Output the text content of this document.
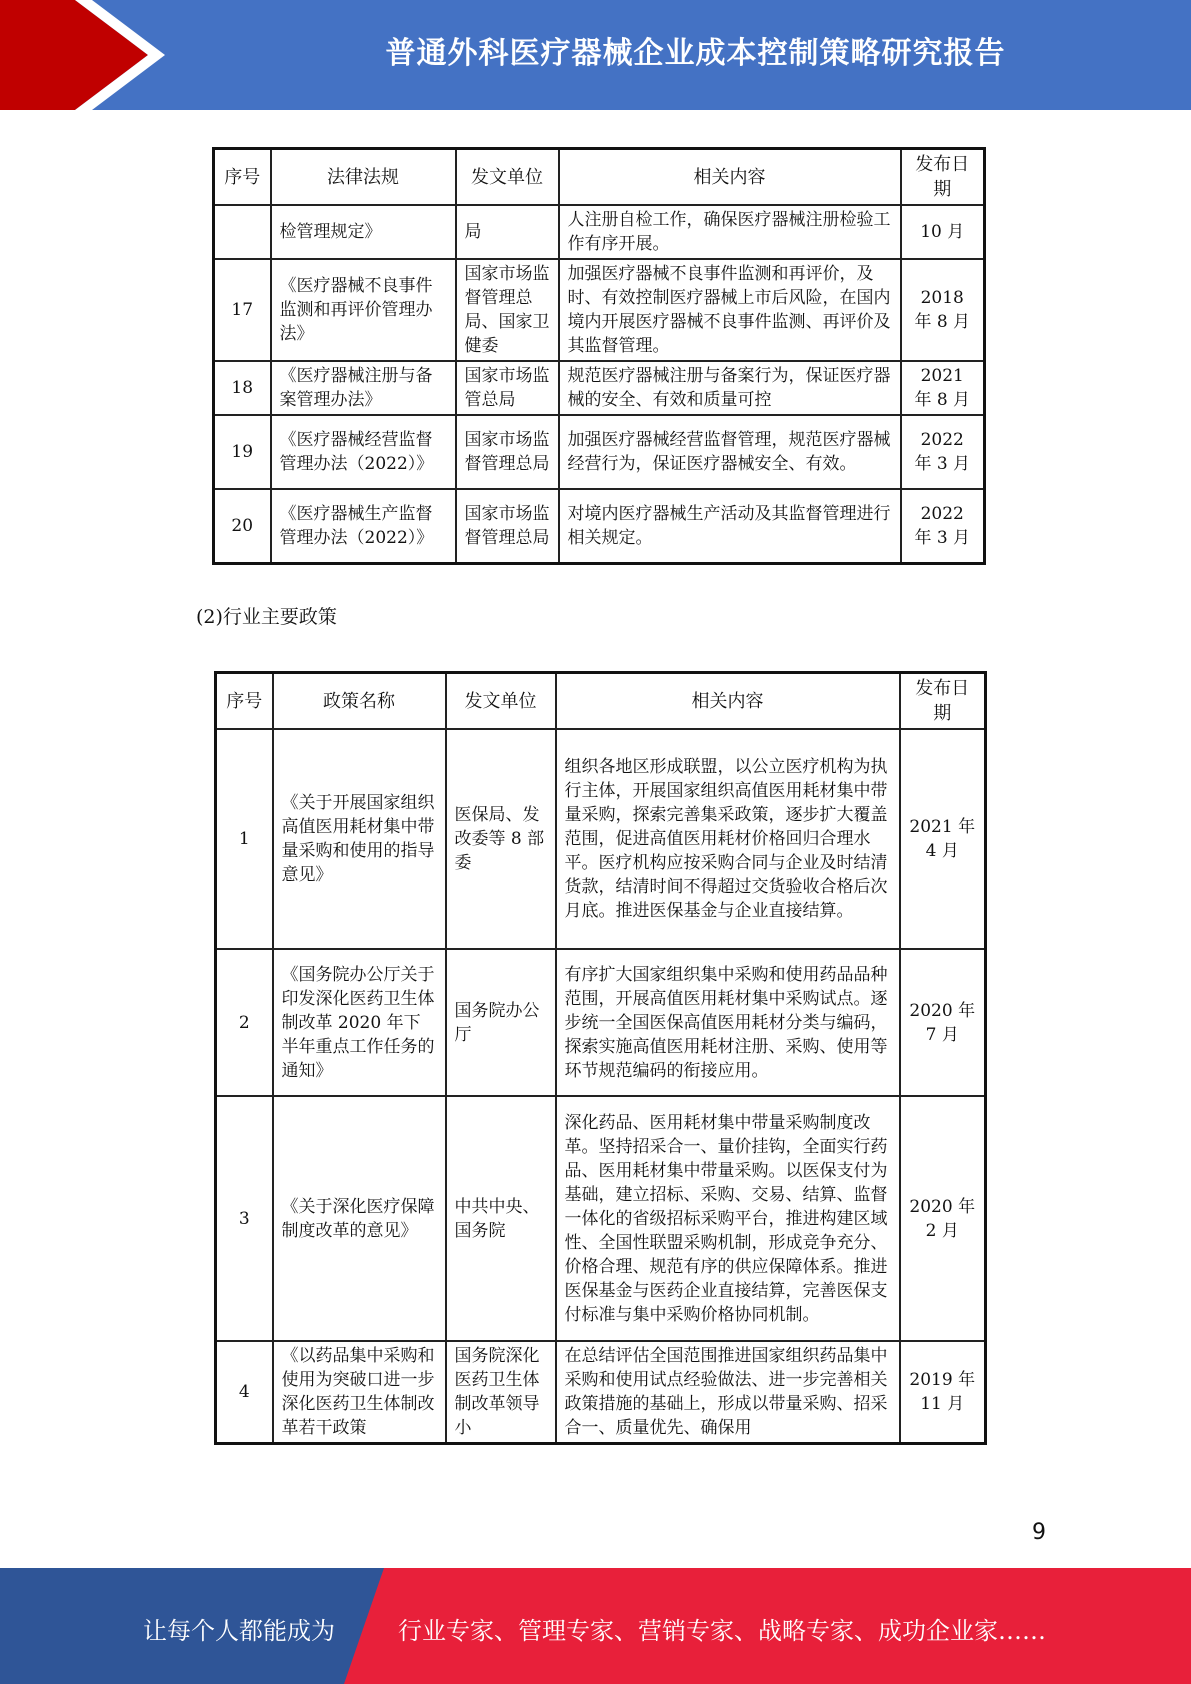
普通外科医疗器械企业成本控制策略研究报告
序号	法律法规	发文单位	相关内容	发布日期
	检管理规定》	局	人注册自检工作，确保医疗器械注册检验工作有序开展。	10 月
17	《医疗器械不良事件监测和再评价管理办法》	国家市场监督管理总局、国家卫健委	加强医疗器械不良事件监测和再评价，及时、有效控制医疗器械上市后风险，在国内境内开展医疗器械不良事件监测、再评价及其监督管理。	2018 年 8 月
18	《医疗器械注册与备案管理办法》	国家市场监管总局	规范医疗器械注册与备案行为，保证医疗器械的安全、有效和质量可控	2021 年 8 月
19	《医疗器械经营监督管理办法（2022）》	国家市场监督管理总局	加强医疗器械经营监督管理，规范医疗器械经营行为，保证医疗器械安全、有效。	2022 年 3 月
20	《医疗器械生产监督管理办法（2022）》	国家市场监督管理总局	对境内医疗器械生产活动及其监督管理进行相关规定。	2022 年 3 月
(2)行业主要政策
序号	政策名称	发文单位	相关内容	发布日期
1	《关于开展国家组织高值医用耗材集中带量采购和使用的指导意见》	医保局、发改委等 8 部委	组织各地区形成联盟，以公立医疗机构为执行主体，开展国家组织高值医用耗材集中带量采购，探索完善集采政策，逐步扩大覆盖范围，促进高值医用耗材价格回归合理水平。医疗机构应按采购合同与企业及时结清货款，结清时间不得超过交货验收合格后次月底。推进医保基金与企业直接结算。	2021 年 4 月
2	《国务院办公厅关于印发深化医药卫生体制改革 2020 年下半年重点工作任务的通知》	国务院办公厅	有序扩大国家组织集中采购和使用药品品种范围，开展高值医用耗材集中采购试点。逐步统一全国医保高值医用耗材分类与编码，探索实施高值医用耗材注册、采购、使用等环节规范编码的衔接应用。	2020 年 7 月
3	《关于深化医疗保障制度改革的意见》	中共中央、国务院	深化药品、医用耗材集中带量采购制度改革。坚持招采合一、量价挂钩，全面实行药品、医用耗材集中带量采购。以医保支付为基础，建立招标、采购、交易、结算、监督一体化的省级招标采购平台，推进构建区域性、全国性联盟采购机制，形成竞争充分、价格合理、规范有序的供应保障体系。推进医保基金与医药企业直接结算，完善医保支付标准与集中采购价格协同机制。	2020 年 2 月
4	《以药品集中采购和使用为突破口进一步深化医药卫生体制改革若干政策	国务院深化医药卫生体制改革领导小	在总结评估全国范围推进国家组织药品集中采购和使用试点经验做法、进一步完善相关政策措施的基础上，形成以带量采购、招采合一、质量优先、确保用	2019 年 11 月
9
让每个人都能成为	行业专家、管理专家、营销专家、战略专家、成功企业家……
